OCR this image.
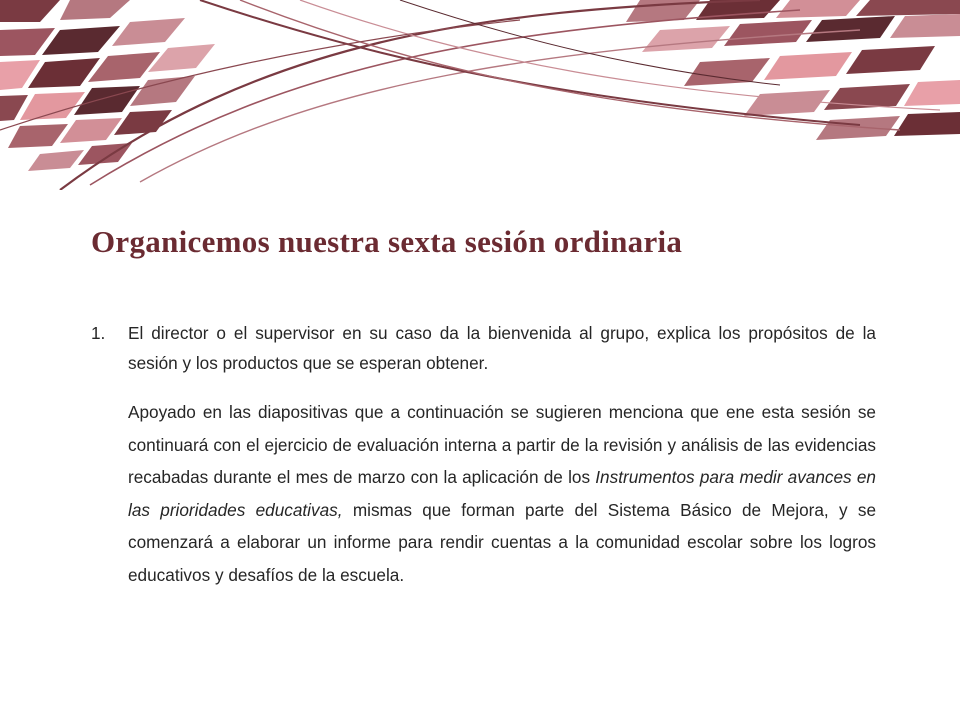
Organicemos nuestra sexta sesión ordinaria

1. El director o el supervisor en su caso da la bienvenida al grupo, explica los propósitos de la sesión y los productos que se esperan obtener.

Apoyado en las diapositivas que a continuación se sugieren menciona que ene esta sesión se continuará con el ejercicio de evaluación interna a partir de la revisión y análisis de las evidencias recabadas durante el mes de marzo con la aplicación de los Instrumentos para medir avances en las prioridades educativas, mismas que forman parte del Sistema Básico de Mejora, y se comenzará a elaborar un informe para rendir cuentas a la comunidad escolar sobre los logros educativos y desafíos de la escuela.
